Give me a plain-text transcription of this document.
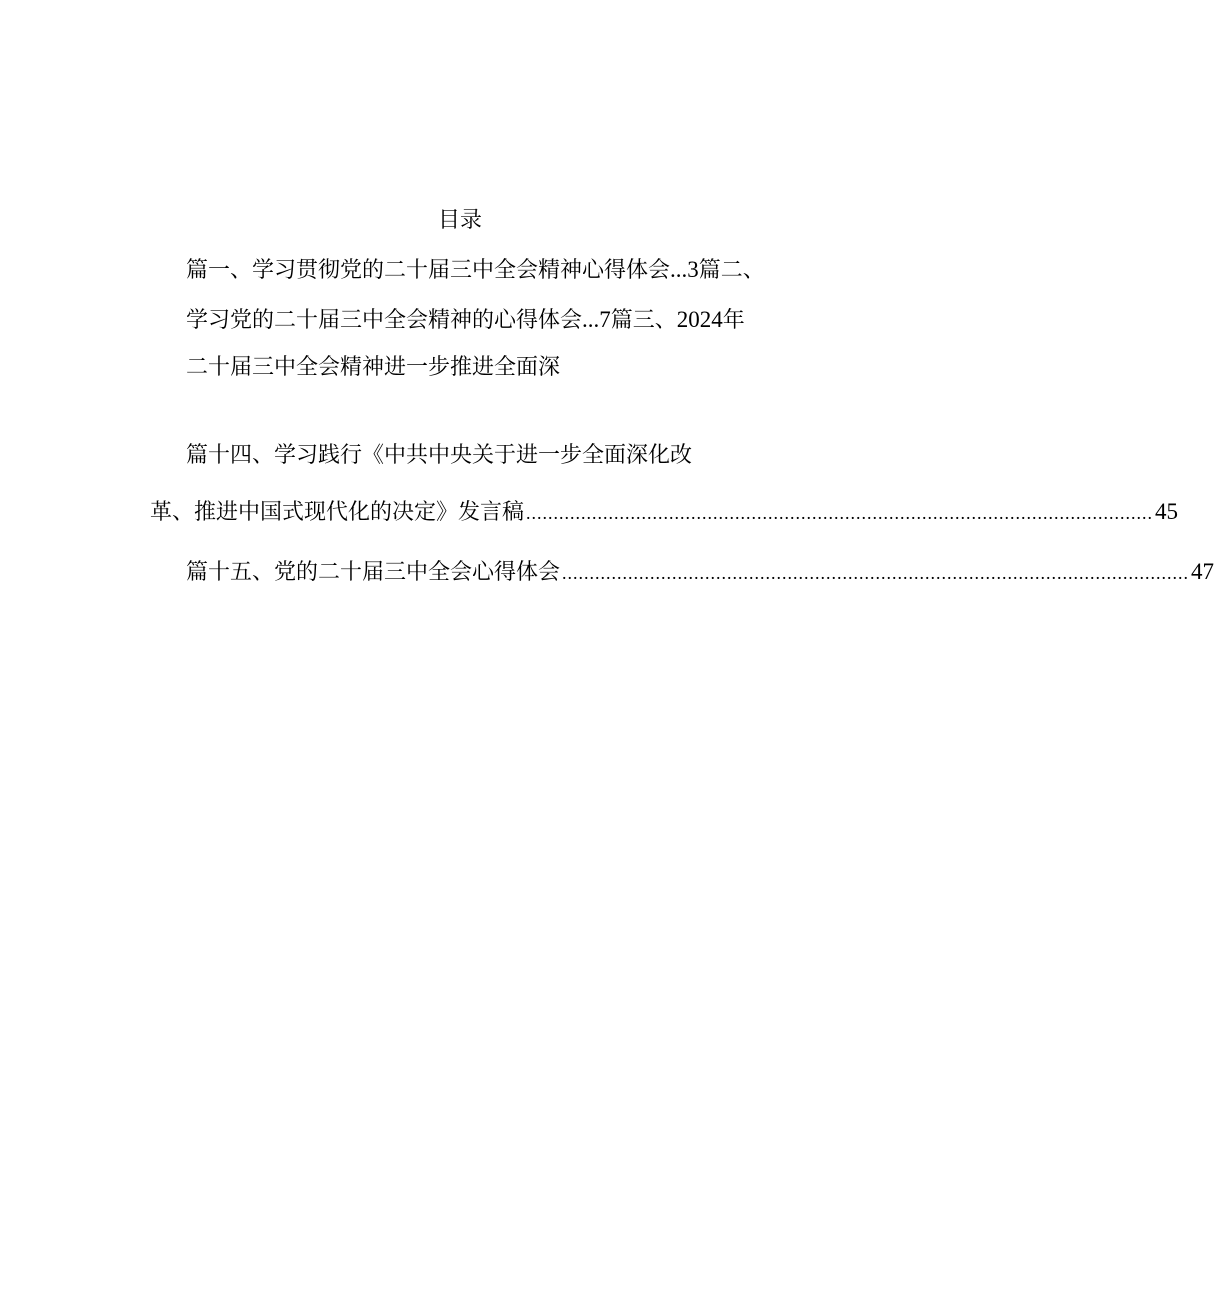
目录
篇一、学习贯彻党的二十届三中全会精神心得体会...3篇二、
学习党的二十届三中全会精神的心得体会...7篇三、2024年
二十届三中全会精神进一步推进全面深
篇十四、学习践行《中共中央关于进一步全面深化改
革、推进中国式现代化的决定》发言稿 .................................................................................................................. 45
篇十五、党的二十届三中全会心得体会 .................................................................................................................. 47
